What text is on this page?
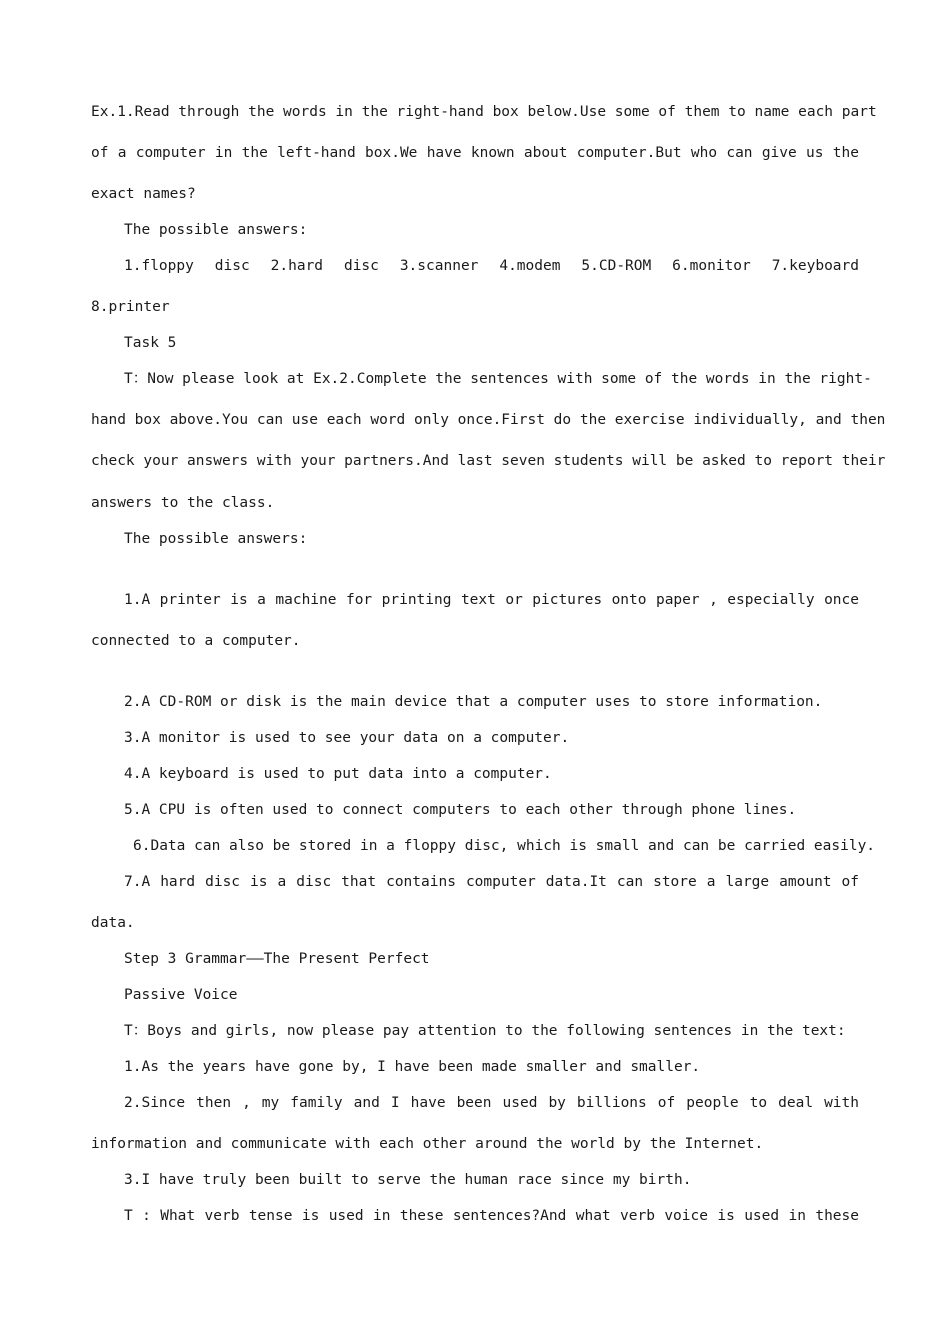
Ex.1.Read through the words in the right-hand box below.Use some of them to name each part
of a computer in the left-hand box.We have known about computer.But who can give us the
exact names?
The possible answers:
1.floppy disc 2.hard disc 3.scanner 4.modem 5.CD-ROM 6.monitor 7.keyboard
8.printer
Task 5
T：Now please look at Ex.2.Complete the sentences with some of the words in the right-
hand box above.You can use each word only once.First do the exercise individually, and then
check your answers with your partners.And last seven students will be asked to report their
answers to the class.
The possible answers:
1.A printer is a machine for printing text or pictures onto paper , especially once
connected to a computer.
2.A CD-ROM or disk is the main device that a computer uses to store information.
3.A monitor is used to see your data on a computer.
4.A keyboard is used to put data into a computer.
5.A CPU is often used to connect computers to each other through phone lines.
6.Data can also be stored in a floppy disc, which is small and can be carried easily.
7.A hard disc is a disc that contains computer data.It can store a large amount of
data.
Step 3 Grammar——The Present Perfect
Passive Voice
T：Boys and girls, now please pay attention to the following sentences in the text:
1.As the years have gone by, I have been made smaller and smaller.
2.Since then , my family and I have been used by billions of people to deal with
information and communicate with each other around the world by the Internet.
3.I have truly been built to serve the human race since my birth.
T : What verb tense is used in these sentences?And what verb voice is used in these
